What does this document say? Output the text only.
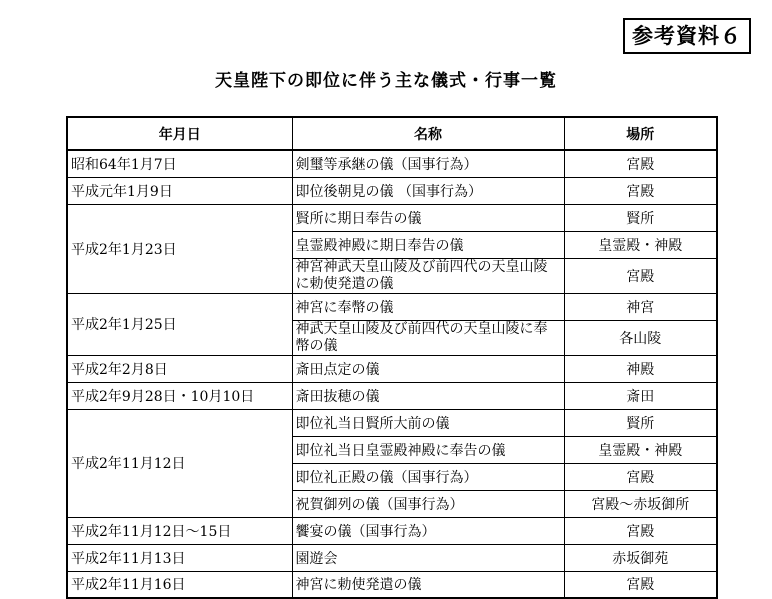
参考資料６
天皇陛下の即位に伴う主な儀式・行事一覧
年月日	名称	場所
昭和64年1月7日	剣璽等承継の儀（国事行為）	宮殿
平成元年1月9日	即位後朝見の儀 （国事行為）	宮殿
平成2年1月23日	賢所に期日奉告の儀	賢所
	皇霊殿神殿に期日奉告の儀	皇霊殿・神殿
	神宮神武天皇山陵及び前四代の天皇山陵に勅使発遣の儀	宮殿
平成2年1月25日	神宮に奉幣の儀	神宮
	神武天皇山陵及び前四代の天皇山陵に奉幣の儀	各山陵
平成2年2月8日	斎田点定の儀	神殿
平成2年9月28日・10月10日	斎田抜穂の儀	斎田
平成2年11月12日	即位礼当日賢所大前の儀	賢所
	即位礼当日皇霊殿神殿に奉告の儀	皇霊殿・神殿
	即位礼正殿の儀（国事行為）	宮殿
	祝賀御列の儀（国事行為）	宮殿～赤坂御所
平成2年11月12日～15日	饗宴の儀（国事行為）	宮殿
平成2年11月13日	園遊会	赤坂御苑
平成2年11月16日	神宮に勅使発遣の儀	宮殿
